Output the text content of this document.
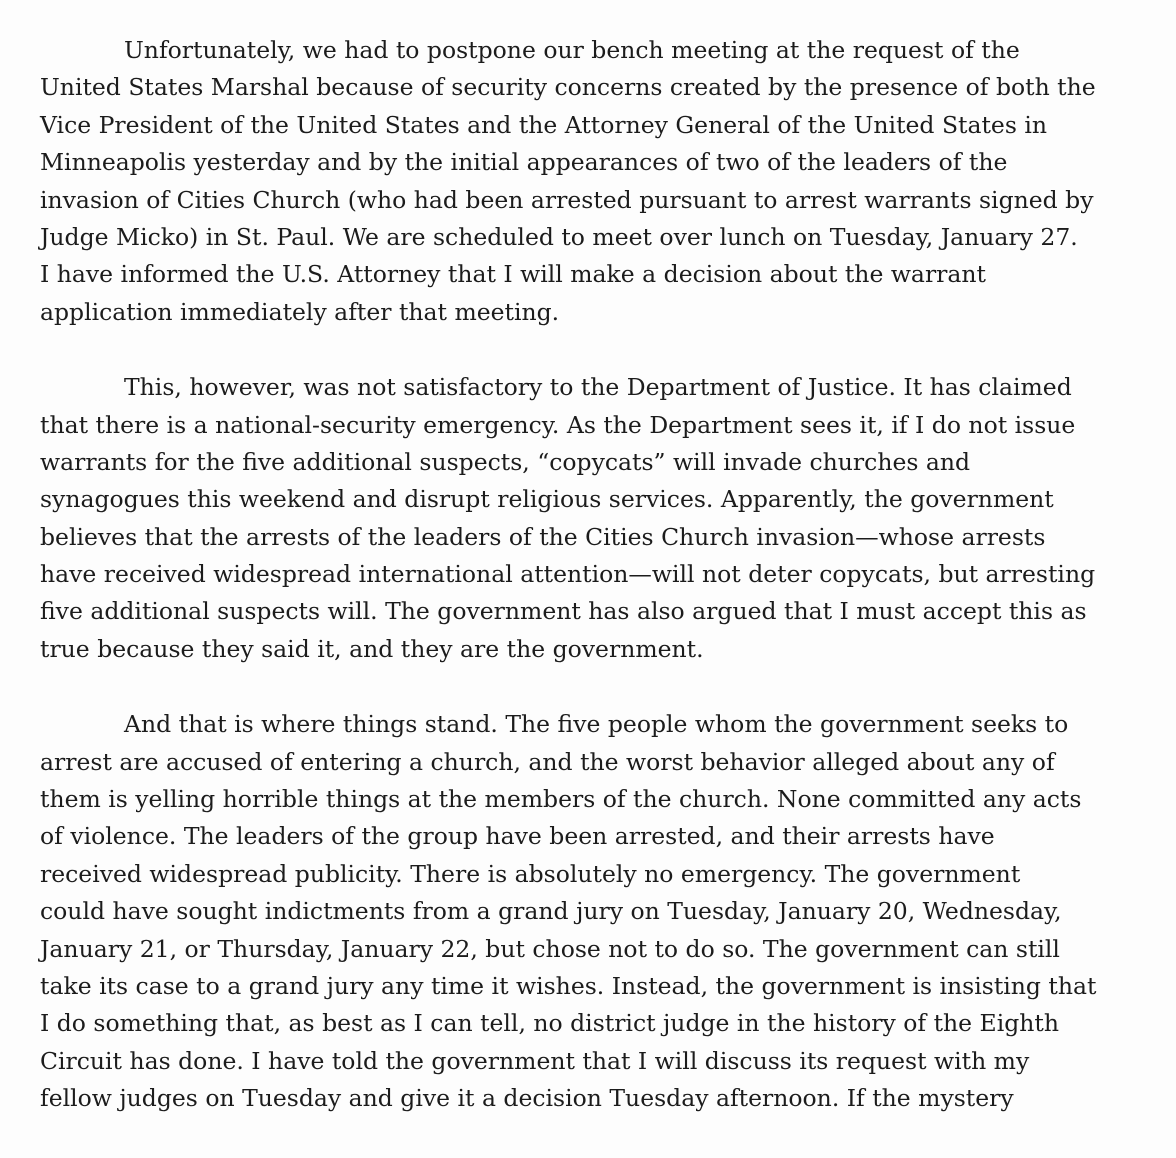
Unfortunately, we had to postpone our bench meeting at the request of the
United States Marshal because of security concerns created by the presence of both the
Vice President of the United States and the Attorney General of the United States in
Minneapolis yesterday and by the initial appearances of two of the leaders of the
invasion of Cities Church (who had been arrested pursuant to arrest warrants signed by
Judge Micko) in St. Paul. We are scheduled to meet over lunch on Tuesday, January 27.
I have informed the U.S. Attorney that I will make a decision about the warrant
application immediately after that meeting.

This, however, was not satisfactory to the Department of Justice. It has claimed
that there is a national-security emergency. As the Department sees it, if I do not issue
warrants for the five additional suspects, “copycats” will invade churches and
synagogues this weekend and disrupt religious services. Apparently, the government
believes that the arrests of the leaders of the Cities Church invasion—whose arrests
have received widespread international attention—will not deter copycats, but arresting
five additional suspects will. The government has also argued that I must accept this as
true because they said it, and they are the government.

And that is where things stand. The five people whom the government seeks to
arrest are accused of entering a church, and the worst behavior alleged about any of
them is yelling horrible things at the members of the church. None committed any acts
of violence. The leaders of the group have been arrested, and their arrests have
received widespread publicity. There is absolutely no emergency. The government
could have sought indictments from a grand jury on Tuesday, January 20, Wednesday,
January 21, or Thursday, January 22, but chose not to do so. The government can still
take its case to a grand jury any time it wishes. Instead, the government is insisting that
I do something that, as best as I can tell, no district judge in the history of the Eighth
Circuit has done. I have told the government that I will discuss its request with my
fellow judges on Tuesday and give it a decision Tuesday afternoon. If the mystery
